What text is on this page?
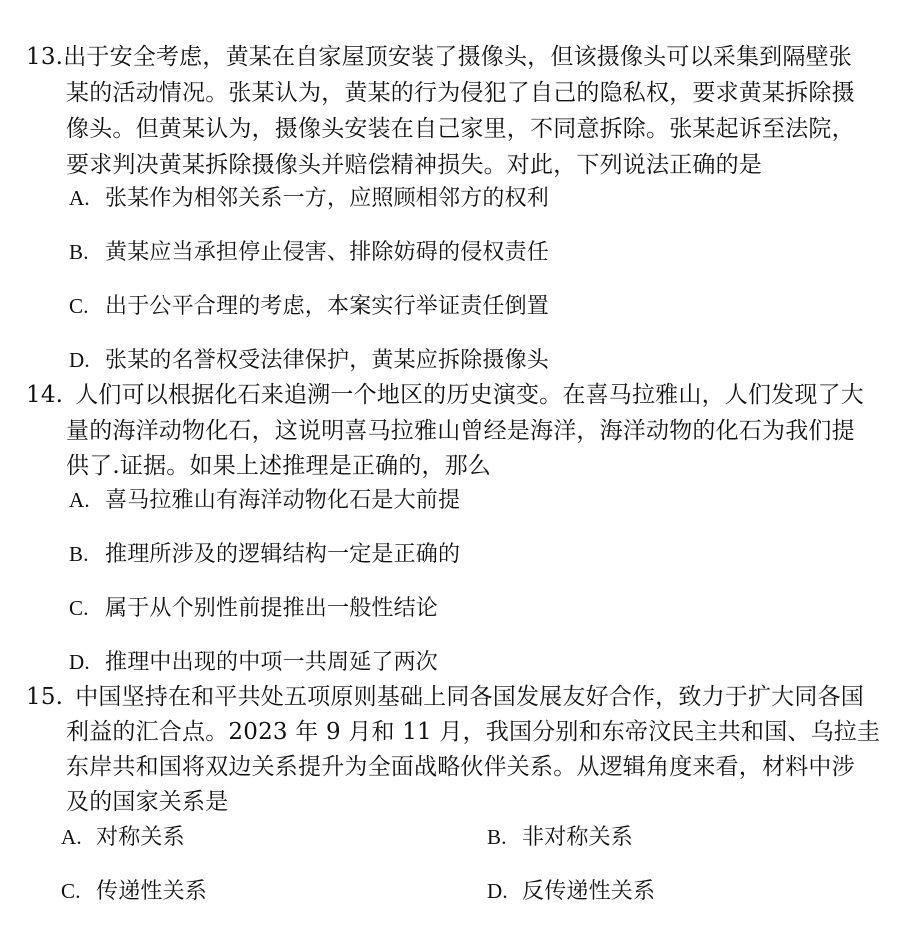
13.出于安全考虑，黄某在自家屋顶安装了摄像头，但该摄像头可以采集到隔壁张
某的活动情况。张某认为，黄某的行为侵犯了自己的隐私权，要求黄某拆除摄
像头。但黄某认为，摄像头安装在自己家里，不同意拆除。张某起诉至法院，
要求判决黄某拆除摄像头并赔偿精神损失。对此，下列说法正确的是
A. 张某作为相邻关系一方，应照顾相邻方的权利
B. 黄某应当承担停止侵害、排除妨碍的侵权责任
C. 出于公平合理的考虑，本案实行举证责任倒置
D. 张某的名誉权受法律保护，黄某应拆除摄像头
14. 人们可以根据化石来追溯一个地区的历史演变。在喜马拉雅山，人们发现了大
量的海洋动物化石，这说明喜马拉雅山曾经是海洋，海洋动物的化石为我们提
供了.证据。如果上述推理是正确的，那么
A. 喜马拉雅山有海洋动物化石是大前提
B. 推理所涉及的逻辑结构一定是正确的
C. 属于从个别性前提推出一般性结论
D. 推理中出现的中项一共周延了两次
15. 中国坚持在和平共处五项原则基础上同各国发展友好合作，致力于扩大同各国
利益的汇合点。2023 年 9 月和 11 月，我国分别和东帝汶民主共和国、乌拉圭
东岸共和国将双边关系提升为全面战略伙伴关系。从逻辑角度来看，材料中涉
及的国家关系是
A. 对称关系	B. 非对称关系
C. 传递性关系	D. 反传递性关系
